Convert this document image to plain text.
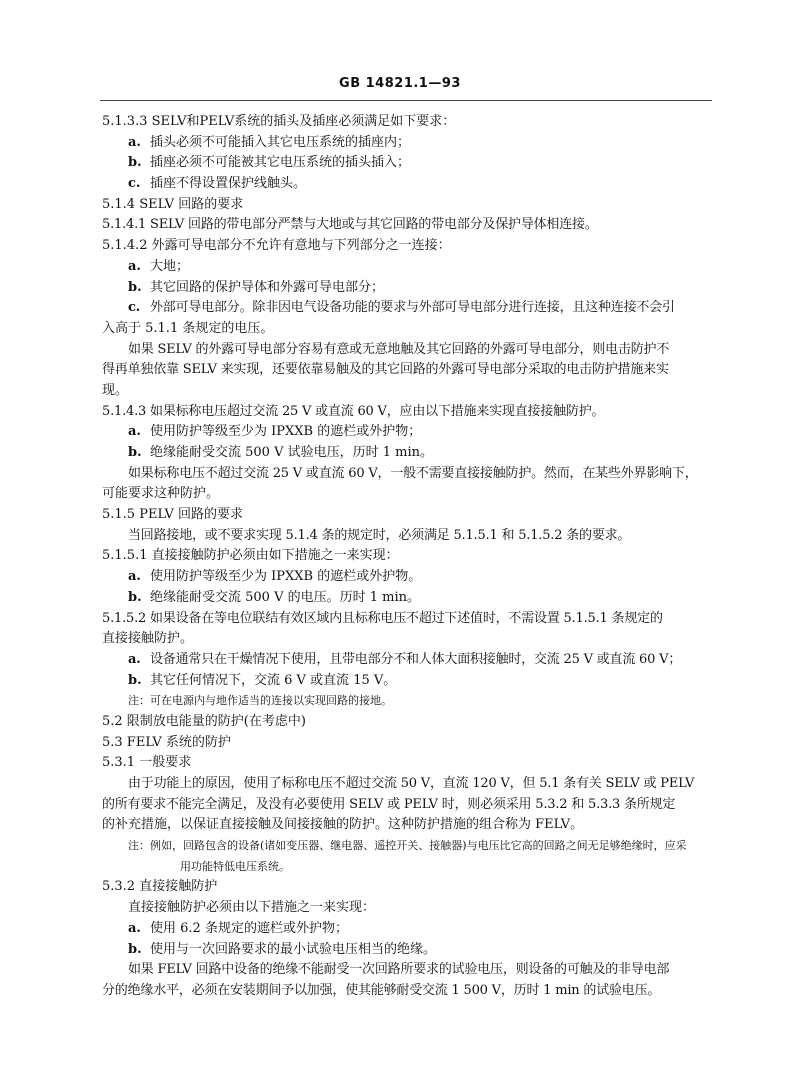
GB 14821.1—93
5.1.3.3 SELV和PELV系统的插头及插座必须满足如下要求：
a. 插头必须不可能插入其它电压系统的插座内；
b. 插座必须不可能被其它电压系统的插头插入；
c. 插座不得设置保护线触头。
5.1.4 SELV 回路的要求
5.1.4.1 SELV 回路的带电部分严禁与大地或与其它回路的带电部分及保护导体相连接。
5.1.4.2 外露可导电部分不允许有意地与下列部分之一连接：
a. 大地；
b. 其它回路的保护导体和外露可导电部分；
c. 外部可导电部分。除非因电气设备功能的要求与外部可导电部分进行连接，且这种连接不会引
入高于 5.1.1 条规定的电压。
如果 SELV 的外露可导电部分容易有意或无意地触及其它回路的外露可导电部分，则电击防护不
得再单独依靠 SELV 来实现，还要依靠易触及的其它回路的外露可导电部分采取的电击防护措施来实
现。
5.1.4.3 如果标称电压超过交流 25 V 或直流 60 V，应由以下措施来实现直接接触防护。
a. 使用防护等级至少为 IPXXB 的遮栏或外护物；
b. 绝缘能耐受交流 500 V 试验电压，历时 1 min。
如果标称电压不超过交流 25 V 或直流 60 V，一般不需要直接接触防护。然而，在某些外界影响下，
可能要求这种防护。
5.1.5 PELV 回路的要求
当回路接地，或不要求实现 5.1.4 条的规定时，必须满足 5.1.5.1 和 5.1.5.2 条的要求。
5.1.5.1 直接接触防护必须由如下措施之一来实现：
a. 使用防护等级至少为 IPXXB 的遮栏或外护物。
b. 绝缘能耐受交流 500 V 的电压。历时 1 min。
5.1.5.2 如果设备在等电位联结有效区域内且标称电压不超过下述值时，不需设置 5.1.5.1 条规定的
直接接触防护。
a. 设备通常只在干燥情况下使用，且带电部分不和人体大面积接触时，交流 25 V 或直流 60 V；
b. 其它任何情况下，交流 6 V 或直流 15 V。
注：可在电源内与地作适当的连接以实现回路的接地。
5.2 限制放电能量的防护(在考虑中)
5.3 FELV 系统的防护
5.3.1 一般要求
由于功能上的原因，使用了标称电压不超过交流 50 V，直流 120 V，但 5.1 条有关 SELV 或 PELV
的所有要求不能完全满足，及没有必要使用 SELV 或 PELV 时，则必须采用 5.3.2 和 5.3.3 条所规定
的补充措施，以保证直接接触及间接接触的防护。这种防护措施的组合称为 FELV。
注：例如，回路包含的设备(诸如变压器、继电器、遥控开关、接触器)与电压比它高的回路之间无足够绝缘时，应采
用功能特低电压系统。
5.3.2 直接接触防护
直接接触防护必须由以下措施之一来实现：
a. 使用 6.2 条规定的遮栏或外护物；
b. 使用与一次回路要求的最小试验电压相当的绝缘。
如果 FELV 回路中设备的绝缘不能耐受一次回路所要求的试验电压，则设备的可触及的非导电部
分的绝缘水平，必须在安装期间予以加强，使其能够耐受交流 1 500 V，历时 1 min 的试验电压。
